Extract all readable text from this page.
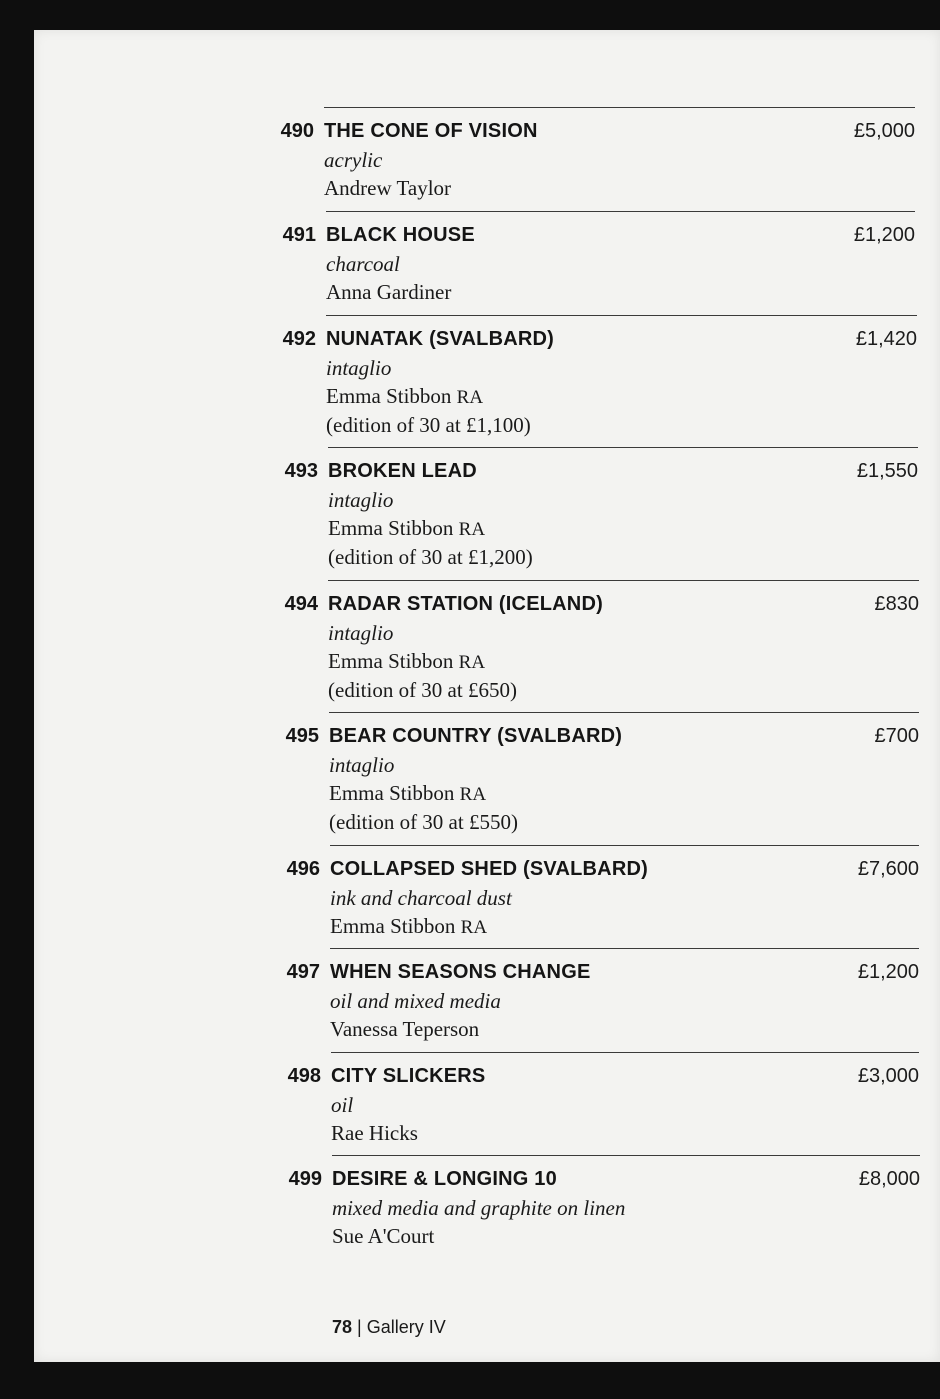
490 THE CONE OF VISION	£5,000
acrylic
Andrew Taylor
491 BLACK HOUSE	£1,200
charcoal
Anna Gardiner
492 NUNATAK (SVALBARD)	£1,420
intaglio
Emma Stibbon RA
(edition of 30 at £1,100)
493 BROKEN LEAD	£1,550
intaglio
Emma Stibbon RA
(edition of 30 at £1,200)
494 RADAR STATION (ICELAND)	£830
intaglio
Emma Stibbon RA
(edition of 30 at £650)
495 BEAR COUNTRY (SVALBARD)	£700
intaglio
Emma Stibbon RA
(edition of 30 at £550)
496 COLLAPSED SHED (SVALBARD)	£7,600
ink and charcoal dust
Emma Stibbon RA
497 WHEN SEASONS CHANGE	£1,200
oil and mixed media
Vanessa Teperson
498 CITY SLICKERS	£3,000
oil
Rae Hicks
499 DESIRE & LONGING 10	£8,000
mixed media and graphite on linen
Sue A'Court
78 | Gallery IV
